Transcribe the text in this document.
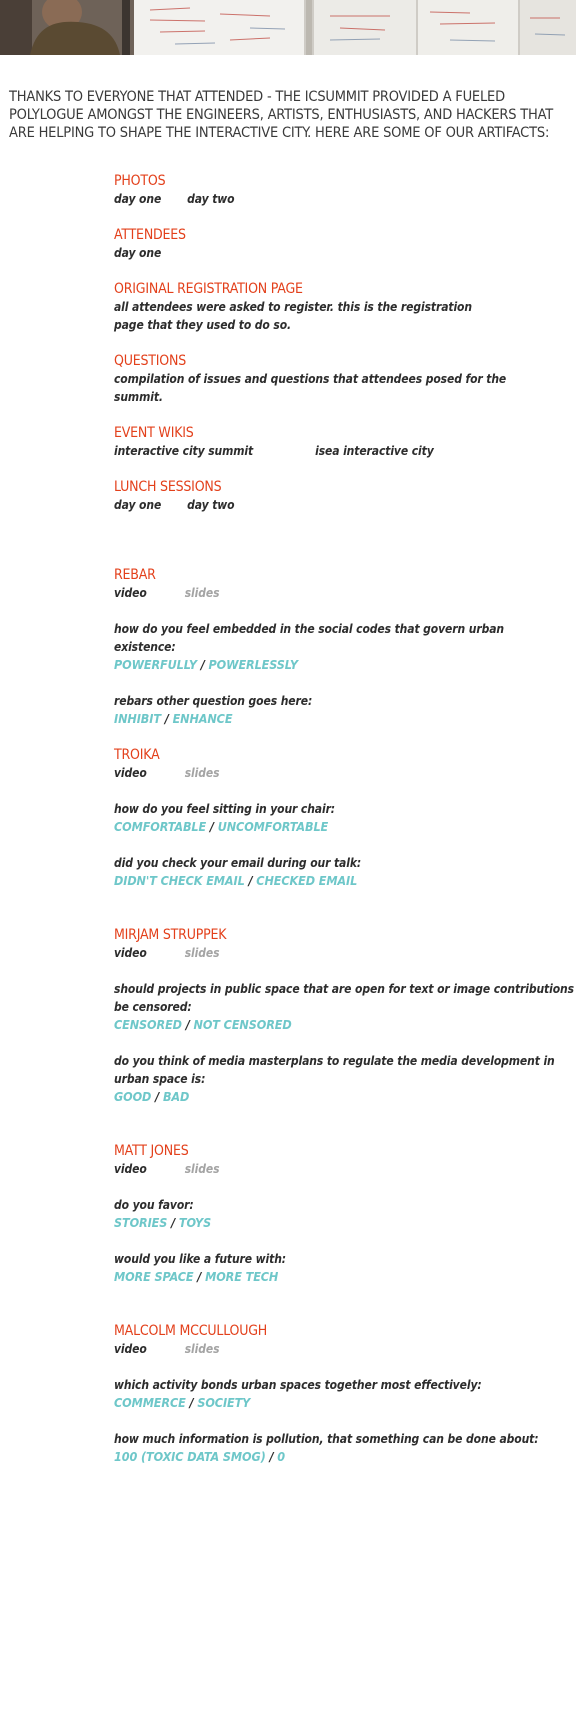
THANKS TO EVERYONE THAT ATTENDED - THE ICSUMMIT PROVIDED A FUELED POLYLOGUE AMONGST THE ENGINEERS, ARTISTS, ENTHUSIASTS, AND HACKERS THAT ARE HELPING TO SHAPE THE INTERACTIVE CITY. HERE ARE SOME OF OUR ARTIFACTS:

PHOTOS

day one day two

ATTENDEES

day one

ORIGINAL REGISTRATION PAGE

all attendees were asked to register. this is the registration

page that they used to do so.

QUESTIONS

compilation of issues and questions that attendees posed for the

summit.

EVENT WIKIS

interactive city summit	isea interactive city

LUNCH SESSIONS

day one day two

REBAR

video	slides

how do you feel embedded in the social codes that govern urban existence:

POWERFULLY / POWERLESSLY

rebars other question goes here:

INHIBIT / ENHANCE

TROIKA

video	slides

how do you feel sitting in your chair:

COMFORTABLE / UNCOMFORTABLE

did you check your email during our talk:

DIDN'T CHECK EMAIL / CHECKED EMAIL

MIRJAM STRUPPEK

video	slides

should projects in public space that are open for text or image contributions

be censored:

CENSORED / NOT CENSORED

do you think of media masterplans to regulate the media development in

urban space is:

GOOD / BAD

MATT JONES

video	slides

do you favor:

STORIES / TOYS

would you like a future with:

MORE SPACE / MORE TECH

MALCOLM MCCULLOUGH

video	slides

which activity bonds urban spaces together most effectively:

COMMERCE / SOCIETY

how much information is pollution, that something can be done about:

100 (TOXIC DATA SMOG) / 0
